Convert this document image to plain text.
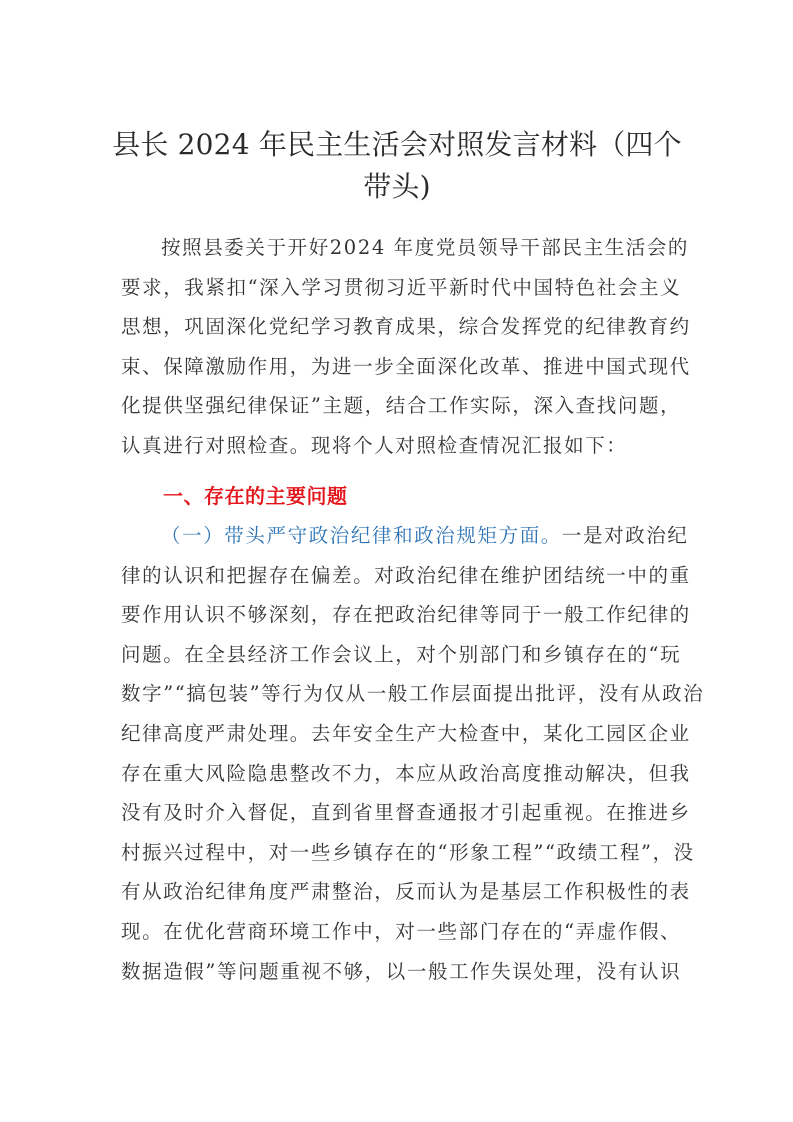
县长 2024 年民主生活会对照发言材料（四个
带头)
按照县委关于开好2024 年度党员领导干部民主生活会的
要求，我紧扣“深入学习贯彻习近平新时代中国特色社会主义
思想，巩固深化党纪学习教育成果，综合发挥党的纪律教育约
束、保障激励作用，为进一步全面深化改革、推进中国式现代
化提供坚强纪律保证”主题，结合工作实际，深入查找问题，
认真进行对照检查。现将个人对照检查情况汇报如下：
一、存在的主要问题
（一）带头严守政治纪律和政治规矩方面。一是对政治纪
律的认识和把握存在偏差。对政治纪律在维护团结统一中的重
要作用认识不够深刻，存在把政治纪律等同于一般工作纪律的
问题。在全县经济工作会议上，对个别部门和乡镇存在的“玩
数字”“搞包装”等行为仅从一般工作层面提出批评，没有从政治
纪律高度严肃处理。去年安全生产大检查中，某化工园区企业
存在重大风险隐患整改不力，本应从政治高度推动解决，但我
没有及时介入督促，直到省里督查通报才引起重视。在推进乡
村振兴过程中，对一些乡镇存在的“形象工程”“政绩工程”，没
有从政治纪律角度严肃整治，反而认为是基层工作积极性的表
现。在优化营商环境工作中，对一些部门存在的“弄虚作假、
数据造假”等问题重视不够，以一般工作失误处理，没有认识
